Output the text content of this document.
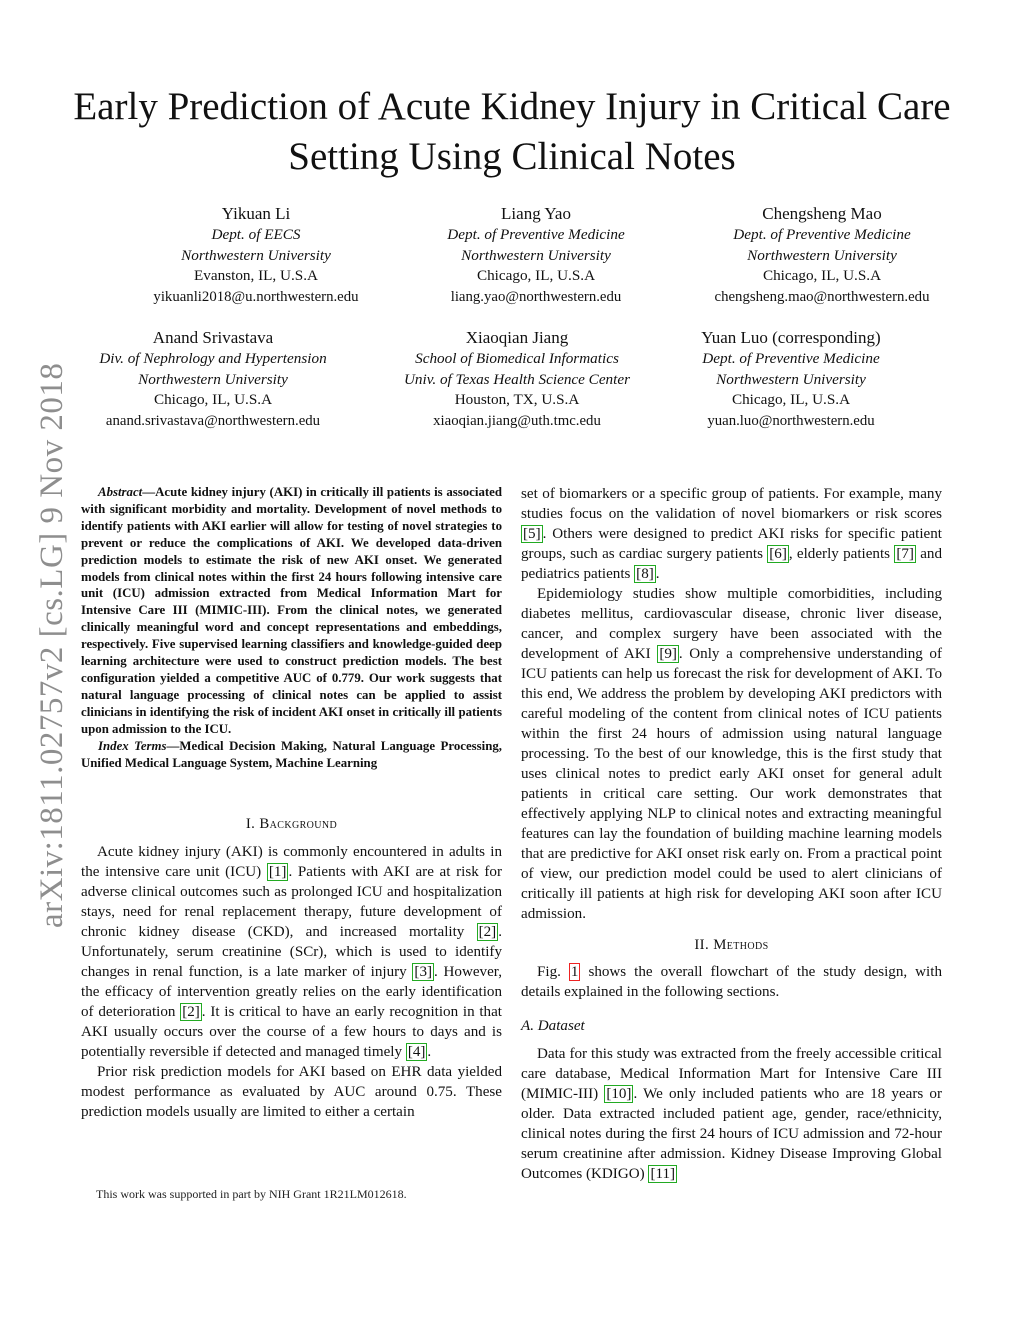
arXiv:1811.02757v2 [cs.LG] 9 Nov 2018
Early Prediction of Acute Kidney Injury in Critical Care Setting Using Clinical Notes
Yikuan Li
Dept. of EECS
Northwestern University
Evanston, IL, U.S.A
yikuanli2018@u.northwestern.edu
Liang Yao
Dept. of Preventive Medicine
Northwestern University
Chicago, IL, U.S.A
liang.yao@northwestern.edu
Chengsheng Mao
Dept. of Preventive Medicine
Northwestern University
Chicago, IL, U.S.A
chengsheng.mao@northwestern.edu
Anand Srivastava
Div. of Nephrology and Hypertension
Northwestern University
Chicago, IL, U.S.A
anand.srivastava@northwestern.edu
Xiaoqian Jiang
School of Biomedical Informatics
Univ. of Texas Health Science Center
Houston, TX, U.S.A
xiaoqian.jiang@uth.tmc.edu
Yuan Luo (corresponding)
Dept. of Preventive Medicine
Northwestern University
Chicago, IL, U.S.A
yuan.luo@northwestern.edu

Abstract—Acute kidney injury (AKI) in critically ill patients is associated with significant morbidity and mortality. Development of novel methods to identify patients with AKI earlier will allow for testing of novel strategies to prevent or reduce the complications of AKI. We developed data-driven prediction models to estimate the risk of new AKI onset. We generated models from clinical notes within the first 24 hours following intensive care unit (ICU) admission extracted from Medical Information Mart for Intensive Care III (MIMIC-III). From the clinical notes, we generated clinically meaningful word and concept representations and embeddings, respectively. Five supervised learning classifiers and knowledge-guided deep learning architecture were used to construct prediction models. The best configuration yielded a competitive AUC of 0.779. Our work suggests that natural language processing of clinical notes can be applied to assist clinicians in identifying the risk of incident AKI onset in critically ill patients upon admission to the ICU.

Index Terms—Medical Decision Making, Natural Language Processing, Unified Medical Language System, Machine Learning

I. Background

Acute kidney injury (AKI) is commonly encountered in adults in the intensive care unit (ICU) [1] . Patients with AKI are at risk for adverse clinical outcomes such as prolonged ICU and hospitalization stays, need for renal replacement therapy, future development of chronic kidney disease (CKD), and increased mortality [2] . Unfortunately, serum creatinine (SCr), which is used to identify changes in renal function, is a late marker of injury [3] . However, the efficacy of intervention greatly relies on the early identification of deterioration [2] . It is critical to have an early recognition in that AKI usually occurs over the course of a few hours to days and is potentially reversible if detected and managed timely [4] .

Prior risk prediction models for AKI based on EHR data yielded modest performance as evaluated by AUC around 0.75. These prediction models usually are limited to either a certain

This work was supported in part by NIH Grant 1R21LM012618.

set of biomarkers or a specific group of patients. For example, many studies focus on the validation of novel biomarkers or risk scores [5] . Others were designed to predict AKI risks for specific patient groups, such as cardiac surgery patients [6] , elderly patients [7] and pediatrics patients [8] .

Epidemiology studies show multiple comorbidities, including diabetes mellitus, cardiovascular disease, chronic liver disease, cancer, and complex surgery have been associated with the development of AKI [9] . Only a comprehensive understanding of ICU patients can help us forecast the risk for development of AKI. To this end, We address the problem by developing AKI predictors with careful modeling of the content from clinical notes of ICU patients within the first 24 hours of admission using natural language processing. To the best of our knowledge, this is the first study that uses clinical notes to predict early AKI onset for general adult patients in critical care setting. Our work demonstrates that effectively applying NLP to clinical notes and extracting meaningful features can lay the foundation of building machine learning models that are predictive for AKI onset risk early on. From a practical point of view, our prediction model could be used to alert clinicians of critically ill patients at high risk for developing AKI soon after ICU admission.

II. Methods

Fig. 1 shows the overall flowchart of the study design, with details explained in the following sections.

A. Dataset

Data for this study was extracted from the freely accessible critical care database, Medical Information Mart for Intensive Care III (MIMIC-III) [10] . We only included patients who are 18 years or older. Data extracted included patient age, gender, race/ethnicity, clinical notes during the first 24 hours of ICU admission and 72-hour serum creatinine after admission. Kidney Disease Improving Global Outcomes (KDIGO) [11]
